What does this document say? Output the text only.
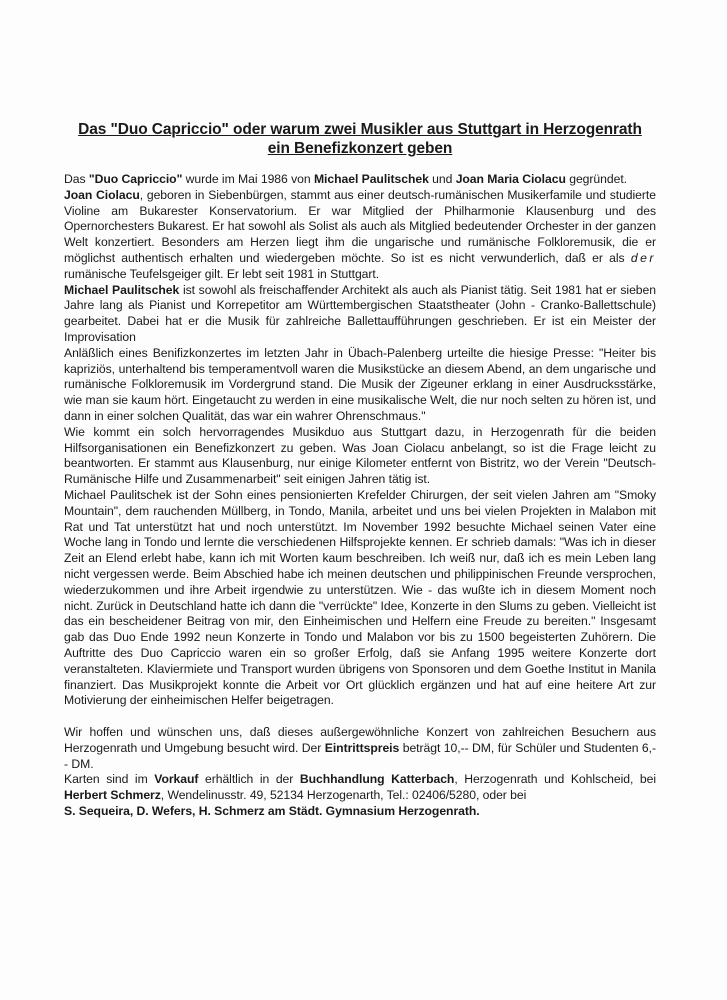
Das "Duo Capriccio" oder warum zwei Musikler aus Stuttgart in Herzogenrath
ein Benefizkonzert geben

Das "Duo Capriccio" wurde im Mai 1986 von Michael Paulitschek und Joan Maria Ciolacu gegründet.

Joan Ciolacu, geboren in Siebenbürgen, stammt aus einer deutsch-rumänischen Musikerfamile und studierte Violine am Bukarester Konservatorium. Er war Mitglied der Philharmonie Klausenburg und des Opernorchesters Bukarest. Er hat sowohl als Solist als auch als Mitglied bedeutender Orchester in der ganzen Welt konzertiert. Besonders am Herzen liegt ihm die ungarische und rumänische Folkloremusik, die er möglichst authentisch erhalten und wiedergeben möchte. So ist es nicht verwunderlich, daß er als der rumänische Teufelsgeiger gilt. Er lebt seit 1981 in Stuttgart.

Michael Paulitschek ist sowohl als freischaffender Architekt als auch als Pianist tätig. Seit 1981 hat er sieben Jahre lang als Pianist und Korrepetitor am Württembergischen Staatstheater (John - Cranko-Ballettschule) gearbeitet. Dabei hat er die Musik für zahlreiche Ballettaufführungen geschrieben. Er ist ein Meister der Improvisation

Anläßlich eines Benifizkonzertes im letzten Jahr in Übach-Palenberg urteilte die hiesige Presse: "Heiter bis kapriziös, unterhaltend bis temperamentvoll waren die Musikstücke an diesem Abend, an dem ungarische und rumänische Folkloremusik im Vordergrund stand. Die Musik der Zigeuner erklang in einer Ausdrucksstärke, wie man sie kaum hört. Eingetaucht zu werden in eine musikalische Welt, die nur noch selten zu hören ist, und dann in einer solchen Qualität, das war ein wahrer Ohrenschmaus."

Wie kommt ein solch hervorragendes Musikduo aus Stuttgart dazu, in Herzogenrath für die beiden Hilfsorganisationen ein Benefizkonzert zu geben. Was Joan Ciolacu anbelangt, so ist die Frage leicht zu beantworten. Er stammt aus Klausenburg, nur einige Kilometer entfernt von Bistritz, wo der Verein "Deutsch-Rumänische Hilfe und Zusammenarbeit" seit einigen Jahren tätig ist.

Michael Paulitschek ist der Sohn eines pensionierten Krefelder Chirurgen, der seit vielen Jahren am "Smoky Mountain", dem rauchenden Müllberg, in Tondo, Manila, arbeitet und uns bei vielen Projekten in Malabon mit Rat und Tat unterstützt hat und noch unterstützt. Im November 1992 besuchte Michael seinen Vater eine Woche lang in Tondo und lernte die verschiedenen Hilfsprojekte kennen. Er schrieb damals: "Was ich in dieser Zeit an Elend erlebt habe, kann ich mit Worten kaum beschreiben. Ich weiß nur, daß ich es mein Leben lang nicht vergessen werde. Beim Abschied habe ich meinen deutschen und philippinischen Freunde versprochen, wiederzukommen und ihre Arbeit irgendwie zu unterstützen. Wie - das wußte ich in diesem Moment noch nicht. Zurück in Deutschland hatte ich dann die "verrückte" Idee, Konzerte in den Slums zu geben. Vielleicht ist das ein bescheidener Beitrag von mir, den Einheimischen und Helfern eine Freude zu bereiten." Insgesamt gab das Duo Ende 1992 neun Konzerte in Tondo und Malabon vor bis zu 1500 begeisterten Zuhörern. Die Auftritte des Duo Capriccio waren ein so großer Erfolg, daß sie Anfang 1995 weitere Konzerte dort veranstalteten. Klaviermiete und Transport wurden übrigens von Sponsoren und dem Goethe Institut in Manila finanziert. Das Musikprojekt konnte die Arbeit vor Ort glücklich ergänzen und hat auf eine heitere Art zur Motivierung der einheimischen Helfer beigetragen.

Wir hoffen und wünschen uns, daß dieses außergewöhnliche Konzert von zahlreichen Besuchern aus Herzogenrath und Umgebung besucht wird. Der Eintrittspreis beträgt 10,-- DM, für Schüler und Studenten 6,-- DM.

Karten sind im Vorkauf erhältlich in der Buchhandlung Katterbach, Herzogenrath und Kohlscheid, bei Herbert Schmerz, Wendelinusstr. 49, 52134 Herzogenarth, Tel.: 02406/5280, oder bei

S. Sequeira, D. Wefers, H. Schmerz am Städt. Gymnasium Herzogenrath.
